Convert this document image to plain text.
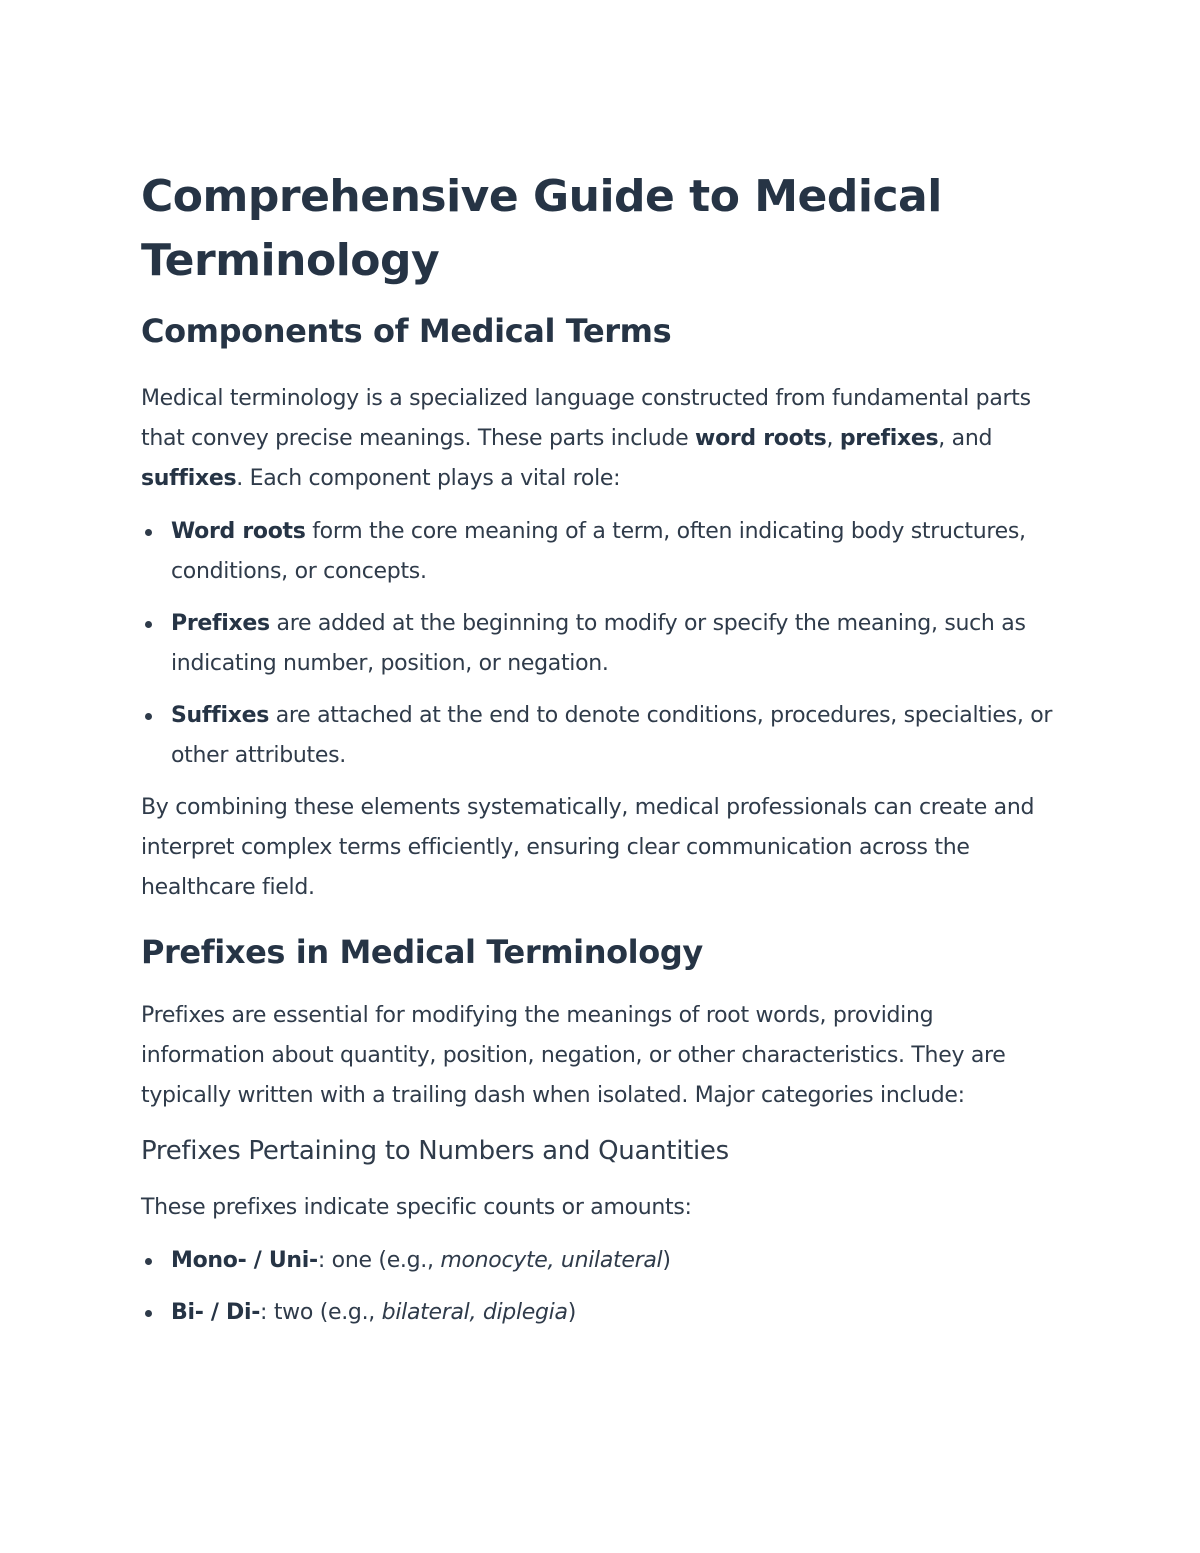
Comprehensive Guide to Medical Terminology
Components of Medical Terms

Medical terminology is a specialized language constructed from fundamental parts that convey precise meanings. These parts include word roots, prefixes, and suffixes. Each component plays a vital role:

Word roots form the core meaning of a term, often indicating body structures, conditions, or concepts.
Prefixes are added at the beginning to modify or specify the meaning, such as indicating number, position, or negation.
Suffixes are attached at the end to denote conditions, procedures, specialties, or other attributes.

By combining these elements systematically, medical professionals can create and interpret complex terms efficiently, ensuring clear communication across the healthcare field.

Prefixes in Medical Terminology

Prefixes are essential for modifying the meanings of root words, providing information about quantity, position, negation, or other characteristics. They are typically written with a trailing dash when isolated. Major categories include:

Prefixes Pertaining to Numbers and Quantities

These prefixes indicate specific counts or amounts:

Mono- / Uni-: one (e.g., monocyte, unilateral)
Bi- / Di-: two (e.g., bilateral, diplegia)
